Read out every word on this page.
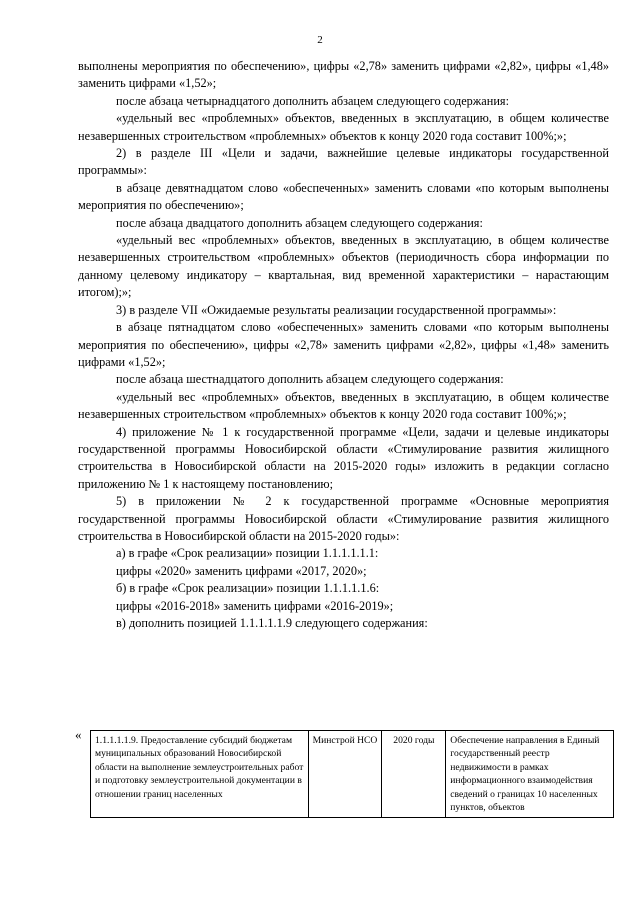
2

выполнены мероприятия по обеспечению», цифры «2,78» заменить цифрами «2,82», цифры «1,48» заменить цифрами «1,52»;

после абзаца четырнадцатого дополнить абзацем следующего содержания:

«удельный вес «проблемных» объектов, введенных в эксплуатацию, в общем количестве незавершенных строительством «проблемных» объектов к концу 2020 года составит 100%;»;

2) в разделе III «Цели и задачи, важнейшие целевые индикаторы государственной программы»:

в абзаце девятнадцатом слово «обеспеченных» заменить словами «по которым выполнены мероприятия по обеспечению»;

после абзаца двадцатого дополнить абзацем следующего содержания:

«удельный вес «проблемных» объектов, введенных в эксплуатацию, в общем количестве незавершенных строительством «проблемных» объектов (периодичность сбора информации по данному целевому индикатору – квартальная, вид временной характеристики – нарастающим итогом);»;

3) в разделе VII «Ожидаемые результаты реализации государственной программы»:

в абзаце пятнадцатом слово «обеспеченных» заменить словами «по которым выполнены мероприятия по обеспечению», цифры «2,78» заменить цифрами «2,82», цифры «1,48» заменить цифрами «1,52»;

после абзаца шестнадцатого дополнить абзацем следующего содержания:

«удельный вес «проблемных» объектов, введенных в эксплуатацию, в общем количестве незавершенных строительством «проблемных» объектов к концу 2020 года составит 100%;»;

4) приложение № 1 к государственной программе «Цели, задачи и целевые индикаторы государственной программы Новосибирской области «Стимулирование развития жилищного строительства в Новосибирской области на 2015-2020 годы» изложить в редакции согласно приложению № 1 к настоящему постановлению;

5) в приложении № 2 к государственной программе «Основные мероприятия государственной программы Новосибирской области «Стимулирование развития жилищного строительства в Новосибирской области на 2015-2020 годы»:

а) в графе «Срок реализации» позиции 1.1.1.1.1.1:

цифры «2020» заменить цифрами «2017, 2020»;

б) в графе «Срок реализации» позиции 1.1.1.1.1.6:

цифры «2016-2018» заменить цифрами «2016-2019»;

в) дополнить позицией 1.1.1.1.1.9 следующего содержания:

« 1.1.1.1.1.9. Предоставление субсидий бюджетам муниципальных образований Новосибирской области на выполнение землеустроительных работ и подготовку землеустроительной документации в отношении границ населенных	Минстрой НСО	2020 годы	Обеспечение направления в Единый государственный реестр недвижимости в рамках информационного взаимодействия сведений о границах 10 населенных пунктов, объектов
